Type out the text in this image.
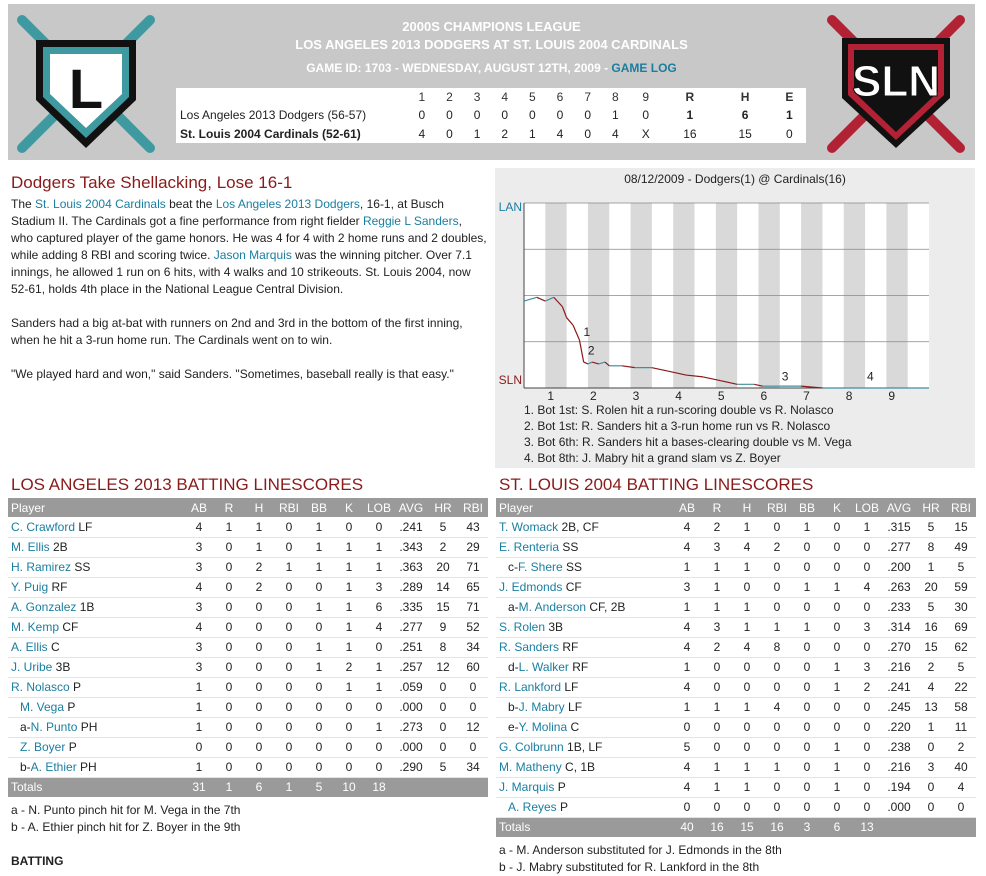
L
2000S CHAMPIONS LEAGUE
LOS ANGELES 2013 DODGERS AT ST. LOUIS 2004 CARDINALS
GAME ID: 1703 - WEDNESDAY, AUGUST 12TH, 2009 - GAME LOG
	1	2	3	4	5	6	7	8	9	R	H	E
Los Angeles 2013 Dodgers (56-57)	0	0	0	0	0	0	0	1	0	1	6	1
St. Louis 2004 Cardinals (52-61)	4	0	1	2	1	4	0	4	X	16	15	0
SLN
Dodgers Take Shellacking, Lose 16-1

The St. Louis 2004 Cardinals beat the Los Angeles 2013 Dodgers, 16-1, at Busch Stadium II. The Cardinals got a fine performance from right fielder Reggie L Sanders, who captured player of the game honors. He was 4 for 4 with 2 home runs and 2 doubles, while adding 8 RBI and scoring twice. Jason Marquis was the winning pitcher. Over 7.1 innings, he allowed 1 run on 6 hits, with 4 walks and 10 strikeouts. St. Louis 2004, now 52-61, holds 4th place in the National League Central Division.

Sanders had a big at-bat with runners on 2nd and 3rd in the bottom of the first inning, when he hit a 3-run home run. The Cardinals went on to win.

"We played hard and won," said Sanders. "Sometimes, baseball really is that easy."

08/12/2009 - Dodgers(1) @ Cardinals(16)
LAN
SLN
1	2	3	4	5	6	7	8	9
1
2
3	4
1. Bot 1st: S. Rolen hit a run-scoring double vs R. Nolasco
2. Bot 1st: R. Sanders hit a 3-run home run vs R. Nolasco
3. Bot 6th: R. Sanders hit a bases-clearing double vs M. Vega
4. Bot 8th: J. Mabry hit a grand slam vs Z. Boyer
LOS ANGELES 2013 BATTING LINESCORES
Player	AB	R	H	RBI	BB	K	LOB	AVG	HR	RBI
C. Crawford LF	4	1	1	0	1	0	0	.241	5	43
M. Ellis 2B	3	0	1	0	1	1	1	.343	2	29
H. Ramirez SS	3	0	2	1	1	1	1	.363	20	71
Y. Puig RF	4	0	2	0	0	1	3	.289	14	65
A. Gonzalez 1B	3	0	0	0	1	1	6	.335	15	71
M. Kemp CF	4	0	0	0	0	1	4	.277	9	52
A. Ellis C	3	0	0	0	1	1	0	.251	8	34
J. Uribe 3B	3	0	0	0	1	2	1	.257	12	60
R. Nolasco P	1	0	0	0	0	1	1	.059	0	0
M. Vega P	1	0	0	0	0	0	0	.000	0	0
a-N. Punto PH	1	0	0	0	0	0	1	.273	0	12
Z. Boyer P	0	0	0	0	0	0	0	.000	0	0
b-A. Ethier PH	1	0	0	0	0	0	0	.290	5	34
Totals	31	1	6	1	5	10	18			
a - N. Punto pinch hit for M. Vega in the 7th
b - A. Ethier pinch hit for Z. Boyer in the 9th
BATTING
ST. LOUIS 2004 BATTING LINESCORES
Player	AB	R	H	RBI	BB	K	LOB	AVG	HR	RBI
T. Womack 2B, CF	4	2	1	0	1	0	1	.315	5	15
E. Renteria SS	4	3	4	2	0	0	0	.277	8	49
c-F. Shere SS	1	1	1	0	0	0	0	.200	1	5
J. Edmonds CF	3	1	0	0	1	1	4	.263	20	59
a-M. Anderson CF, 2B	1	1	1	0	0	0	0	.233	5	30
S. Rolen 3B	4	3	1	1	1	0	3	.314	16	69
R. Sanders RF	4	2	4	8	0	0	0	.270	15	62
d-L. Walker RF	1	0	0	0	0	1	3	.216	2	5
R. Lankford LF	4	0	0	0	0	1	2	.241	4	22
b-J. Mabry LF	1	1	1	4	0	0	0	.245	13	58
e-Y. Molina C	0	0	0	0	0	0	0	.220	1	11
G. Colbrunn 1B, LF	5	0	0	0	0	1	0	.238	0	2
M. Matheny C, 1B	4	1	1	1	0	1	0	.216	3	40
J. Marquis P	4	1	1	0	0	1	0	.194	0	4
A. Reyes P	0	0	0	0	0	0	0	.000	0	0
Totals	40	16	15	16	3	6	13			
a - M. Anderson substituted for J. Edmonds in the 8th
b - J. Mabry substituted for R. Lankford in the 8th
